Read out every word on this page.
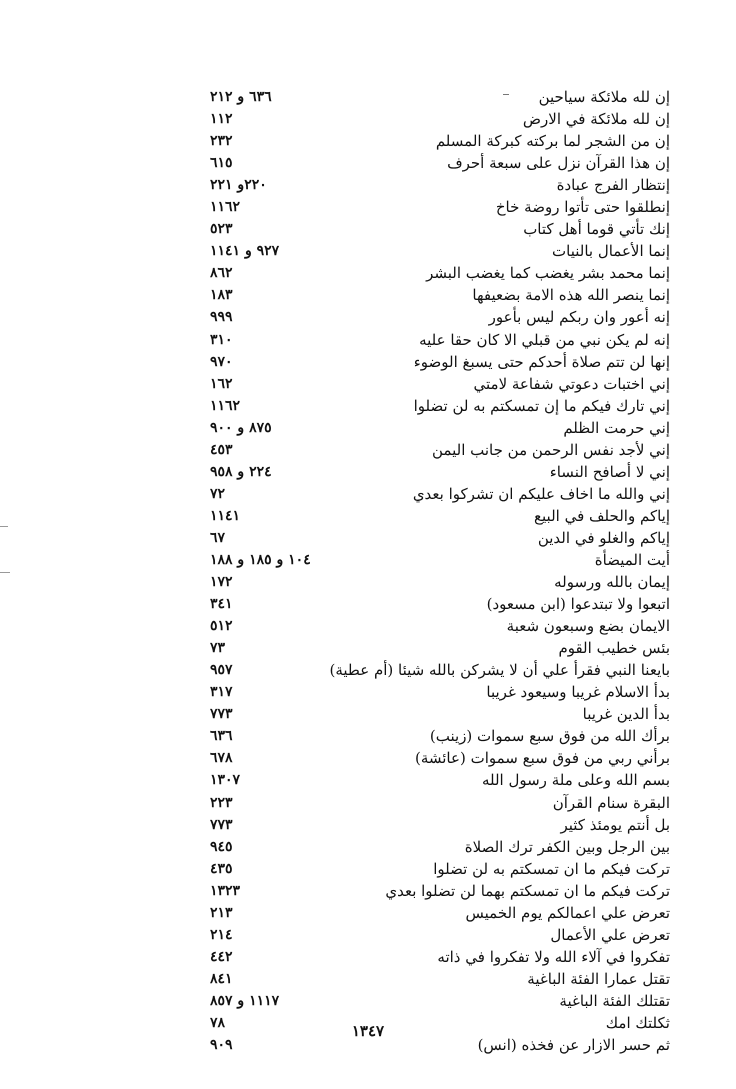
إن لله ملائكة سياحين
٦٣٦ و ٢١٢
إن لله ملائكة في الارض
١١٢
إن من الشجر لما بركته كبركة المسلم
٢٣٢
إن هذا القرآن نزل على سبعة أحرف
٦١٥
إنتظار الفرج عبادة
٢٢٠و ٢٢١
إنطلقوا حتى تأتوا روضة خاخ
١١٦٢
إنك تأتي قوما أهل كتاب
٥٢٣
إنما الأعمال بالنيات
٩٢٧ و ١١٤١
إنما محمد بشر يغضب كما يغضب البشر
٨٦٢
إنما ينصر الله هذه الامة بضعيفها
١٨٣
إنه أعور وان ربكم ليس بأعور
٩٩٩
إنه لم يكن نبي من قبلي الا كان حقا عليه
٣١٠
إنها لن تتم صلاة أحدكم حتى يسبغ الوضوء
٩٧٠
إني اختبات دعوتي شفاعة لامتي
١٦٢
إني تارك فيكم ما إن تمسكتم به لن تضلوا
١١٦٢
إني حرمت الظلم
٨٧٥ و ٩٠٠
إني لأجد نفس الرحمن من جانب اليمن
٤٥٣
إني لا أصافح النساء
٢٢٤ و ٩٥٨
إني والله ما اخاف عليكم ان تشركوا بعدي
٧٢
إياكم والحلف في البيع
١١٤١
إياكم والغلو في الدين
٦٧
أيت الميضأة
١٠٤ و ١٨٥ و ١٨٨
إيمان بالله ورسوله
١٧٢
اتبعوا ولا تبتدعوا (ابن مسعود)
٣٤١
الايمان بضع وسبعون شعبة
٥١٢
بئس خطيب القوم
٧٣
بايعنا النبي فقرأ علي أن لا يشركن بالله شيئا (أم عطية)
٩٥٧
بدأ الاسلام غريبا وسيعود غريبا
٣١٧
بدأ الدين غريبا
٧٧٣
برأك الله من فوق سبع سموات (زينب)
٦٣٦
برأني ربي من فوق سبع سموات (عائشة)
٦٧٨
بسم الله وعلى ملة رسول الله
١٣٠٧
البقرة سنام القرآن
٢٢٣
بل أنتم يومئذ كثير
٧٧٣
بين الرجل وبين الكفر ترك الصلاة
٩٤٥
تركت فيكم ما ان تمسكتم به لن تضلوا
٤٣٥
تركت فيكم ما ان تمسكتم بهما لن تضلوا بعدي
١٣٢٣
تعرض علي اعمالكم يوم الخميس
٢١٣
تعرض علي الأعمال
٢١٤
تفكروا في آلاء الله ولا تفكروا في ذاته
٤٤٢
تقتل عمارا الفئة الباغية
٨٤١
تقتلك الفئة الباغية
١١١٧ و ٨٥٧
ثكلتك امك
٧٨
ثم حسر الازار عن فخذه (انس)
٩٠٩
١٣٤٧
